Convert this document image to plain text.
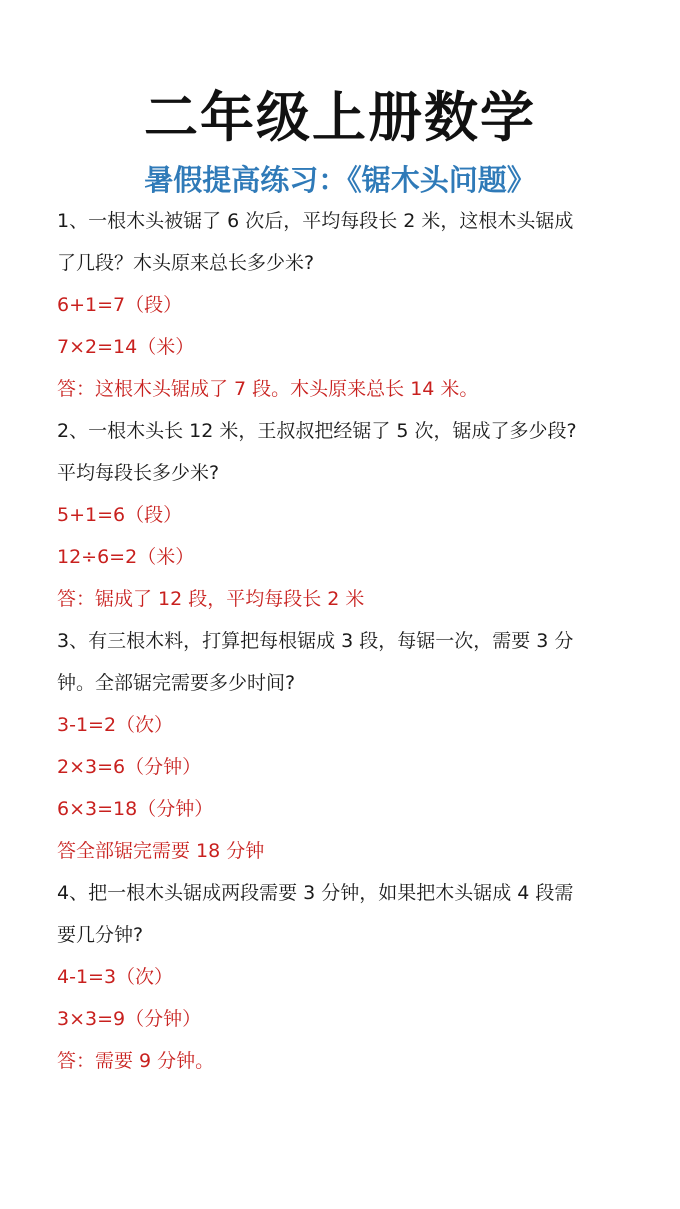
二年级上册数学
暑假提高练习：《锯木头问题》
1、一根木头被锯了 6 次后，平均每段长 2 米，这根木头锯成
了几段？木头原来总长多少米?
6+1=7（段）
7×2=14（米）
答：这根木头锯成了 7 段。木头原来总长 14 米。
2、一根木头长 12 米，王叔叔把经锯了 5 次，锯成了多少段?
平均每段长多少米?
5+1=6（段）
12÷6=2（米）
答：锯成了 12 段，平均每段长 2 米
3、有三根木料，打算把每根锯成 3 段，每锯一次，需要 3 分
钟。全部锯完需要多少时间?
3-1=2（次）
2×3=6（分钟）
6×3=18（分钟）
答全部锯完需要 18 分钟
4、把一根木头锯成两段需要 3 分钟，如果把木头锯成 4 段需
要几分钟?
4-1=3（次）
3×3=9（分钟）
答：需要 9 分钟。
